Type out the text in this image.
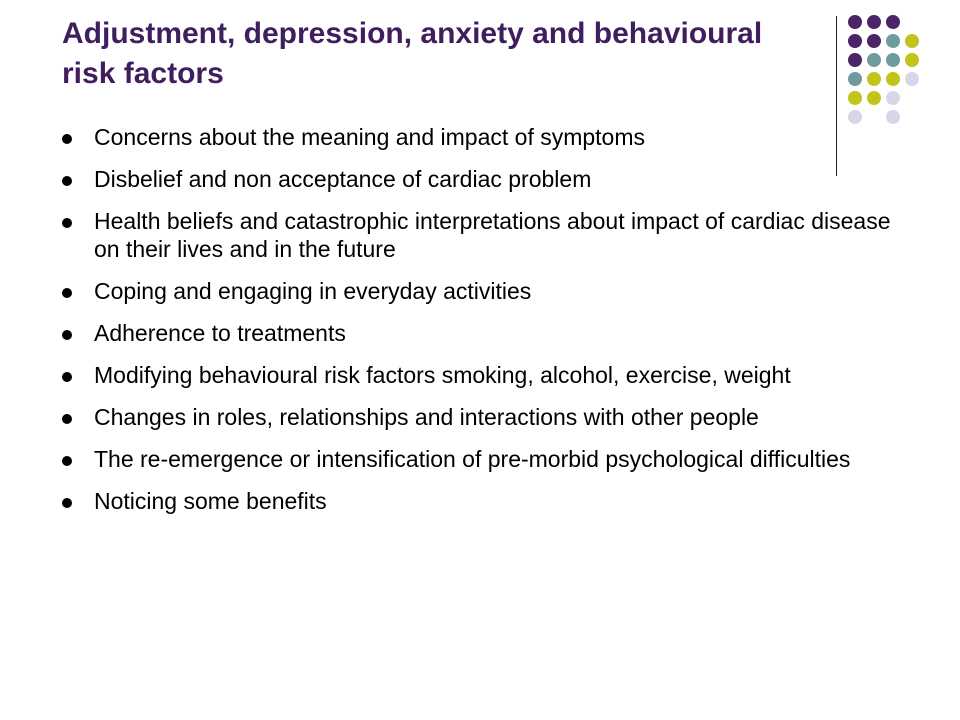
Adjustment, depression, anxiety and behavioural risk factors
Concerns about the meaning and impact of symptoms
Disbelief and non acceptance of cardiac problem
Health beliefs and catastrophic interpretations about impact of cardiac disease on their lives and in the future
Coping and engaging in everyday activities
Adherence to treatments
Modifying behavioural risk factors smoking, alcohol, exercise, weight
Changes in roles, relationships and interactions with other people
The re-emergence or intensification of pre-morbid psychological difficulties
Noticing some benefits
